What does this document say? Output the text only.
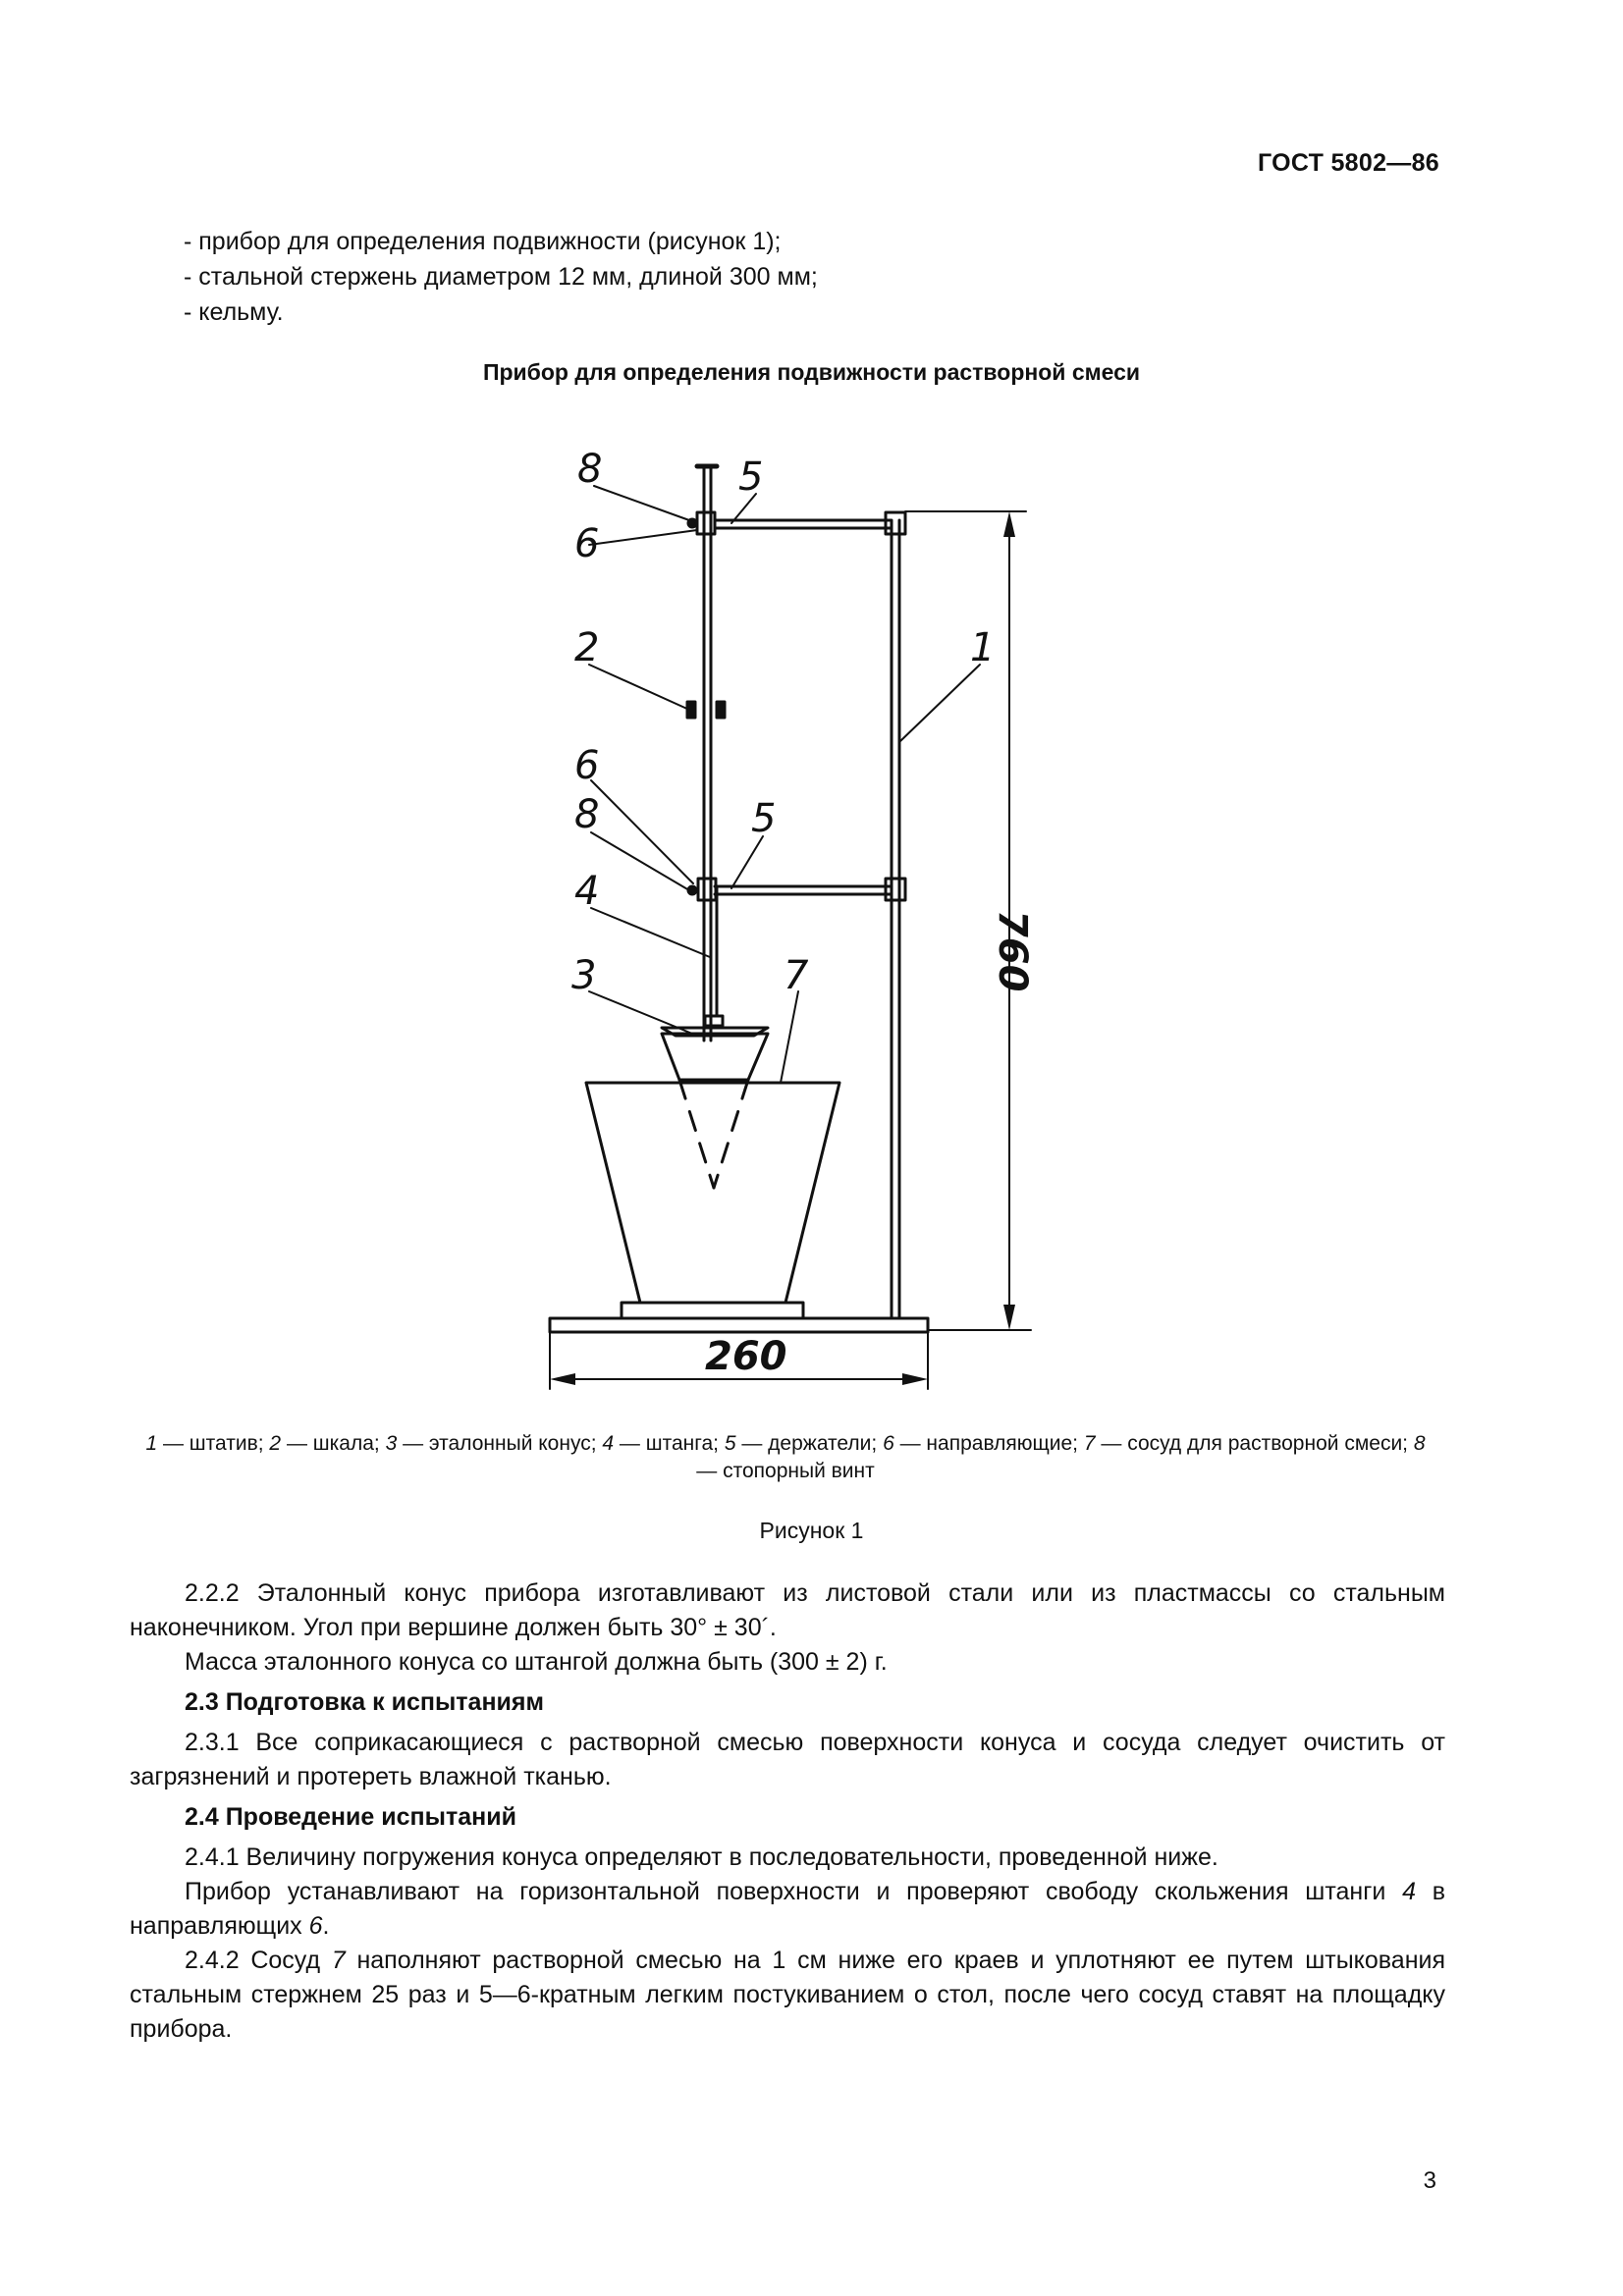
ГОСТ 5802—86
- прибор для определения подвижности (рисунок 1);
- стальной стержень диаметром 12 мм, длиной 300 мм;
- кельму.
Прибор для определения подвижности растворной смеси
8	5
6
2	1
6
8	5
4
3	7	760
260
1 — штатив; 2 — шкала; 3 — эталонный конус; 4 — штанга; 5 — держатели; 6 — направляющие; 7 — сосуд для растворной смеси; 8 — стопорный винт
Рисунок 1

2.2.2 Эталонный конус прибора изготавливают из листовой стали или из пластмассы со стальным наконечником. Угол при вершине должен быть 30° ± 30´.

Масса эталонного конуса со штангой должна быть (300 ± 2) г.

2.3 Подготовка к испытаниям

2.3.1 Все соприкасающиеся с растворной смесью поверхности конуса и сосуда следует очистить от загрязнений и протереть влажной тканью.

2.4 Проведение испытаний

2.4.1 Величину погружения конуса определяют в последовательности, проведенной ниже.

Прибор устанавливают на горизонтальной поверхности и проверяют свободу скольжения штанги 4 в направляющих 6.

2.4.2 Сосуд 7 наполняют растворной смесью на 1 см ниже его краев и уплотняют ее путем штыкования стальным стержнем 25 раз и 5—6-кратным легким постукиванием о стол, после чего сосуд ставят на площадку прибора.

3
